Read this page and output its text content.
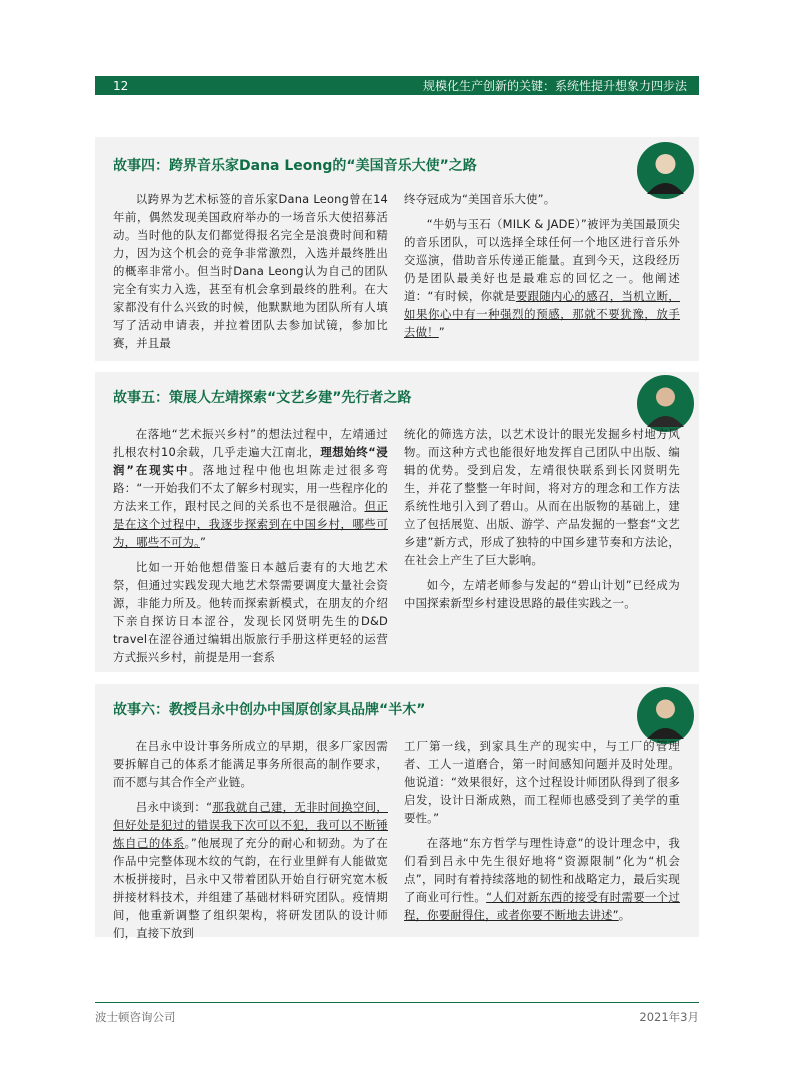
12	规模化生产创新的关键：系统性提升想象力四步法
故事四：跨界音乐家Dana Leong的“美国音乐大使”之路

以跨界为艺术标签的音乐家Dana Leong曾在14年前，偶然发现美国政府举办的一场音乐大使招募活动。当时他的队友们都觉得报名完全是浪费时间和精力，因为这个机会的竞争非常激烈，入选并最终胜出的概率非常小。但当时Dana Leong认为自己的团队完全有实力入选，甚至有机会拿到最终的胜利。在大家都没有什么兴致的时候，他默默地为团队所有人填写了活动申请表，并拉着团队去参加试镜，参加比赛，并且最

终夺冠成为“美国音乐大使”。

“牛奶与玉石（MILK & JADE）”被评为美国最顶尖的音乐团队，可以选择全球任何一个地区进行音乐外交巡演，借助音乐传递正能量。直到今天，这段经历仍是团队最美好也是最难忘的回忆之一。他阐述道：“有时候，你就是要跟随内心的感召，当机立断，如果你心中有一种强烈的预感，那就不要犹豫，放手去做！”

故事五：策展人左靖探索“文艺乡建”先行者之路

在落地“艺术振兴乡村”的想法过程中，左靖通过扎根农村10余载，几乎走遍大江南北，理想始终“浸润”在现实中。落地过程中他也坦陈走过很多弯路：“一开始我们不太了解乡村现实，用一些程序化的方法来工作，跟村民之间的关系也不是很融洽。但正是在这个过程中，我逐步探索到在中国乡村，哪些可为，哪些不可为。”

比如一开始他想借鉴日本越后妻有的大地艺术祭，但通过实践发现大地艺术祭需要调度大量社会资源，非能力所及。他转而探索新模式，在朋友的介绍下亲自探访日本涩谷，发现长冈贤明先生的D&D travel在涩谷通过编辑出版旅行手册这样更轻的运营方式振兴乡村，前提是用一套系

统化的筛选方法，以艺术设计的眼光发掘乡村地方风物。而这种方式也能很好地发挥自己团队中出版、编辑的优势。受到启发，左靖很快联系到长冈贤明先生，并花了整整一年时间，将对方的理念和工作方法系统性地引入到了碧山。从而在出版物的基础上，建立了包括展览、出版、游学、产品发掘的一整套“文艺乡建”新方式，形成了独特的中国乡建节奏和方法论，在社会上产生了巨大影响。

如今，左靖老师参与发起的“碧山计划”已经成为中国探索新型乡村建设思路的最佳实践之一。

故事六：教授吕永中创办中国原创家具品牌“半木”

在吕永中设计事务所成立的早期，很多厂家因需要拆解自己的体系才能满足事务所很高的制作要求，而不愿与其合作全产业链。

吕永中谈到：“那我就自己建，无非时间换空间，但好处是犯过的错误我下次可以不犯，我可以不断锤炼自己的体系。”他展现了充分的耐心和韧劲。为了在作品中完整体现木纹的气韵，在行业里鲜有人能做宽木板拼接时，吕永中又带着团队开始自行研究宽木板拼接材料技术，并组建了基础材料研究团队。疫情期间，他重新调整了组织架构，将研发团队的设计师们，直接下放到

工厂第一线，到家具生产的现实中，与工厂的管理者、工人一道磨合，第一时间感知问题并及时处理。他说道：“效果很好，这个过程设计师团队得到了很多启发，设计日渐成熟，而工程师也感受到了美学的重要性。”

在落地“东方哲学与理性诗意”的设计理念中，我们看到吕永中先生很好地将“资源限制”化为“机会点”，同时有着持续落地的韧性和战略定力，最后实现了商业可行性。“人们对新东西的接受有时需要一个过程，你要耐得住，或者你要不断地去讲述”。

波士顿咨询公司	2021年3月
